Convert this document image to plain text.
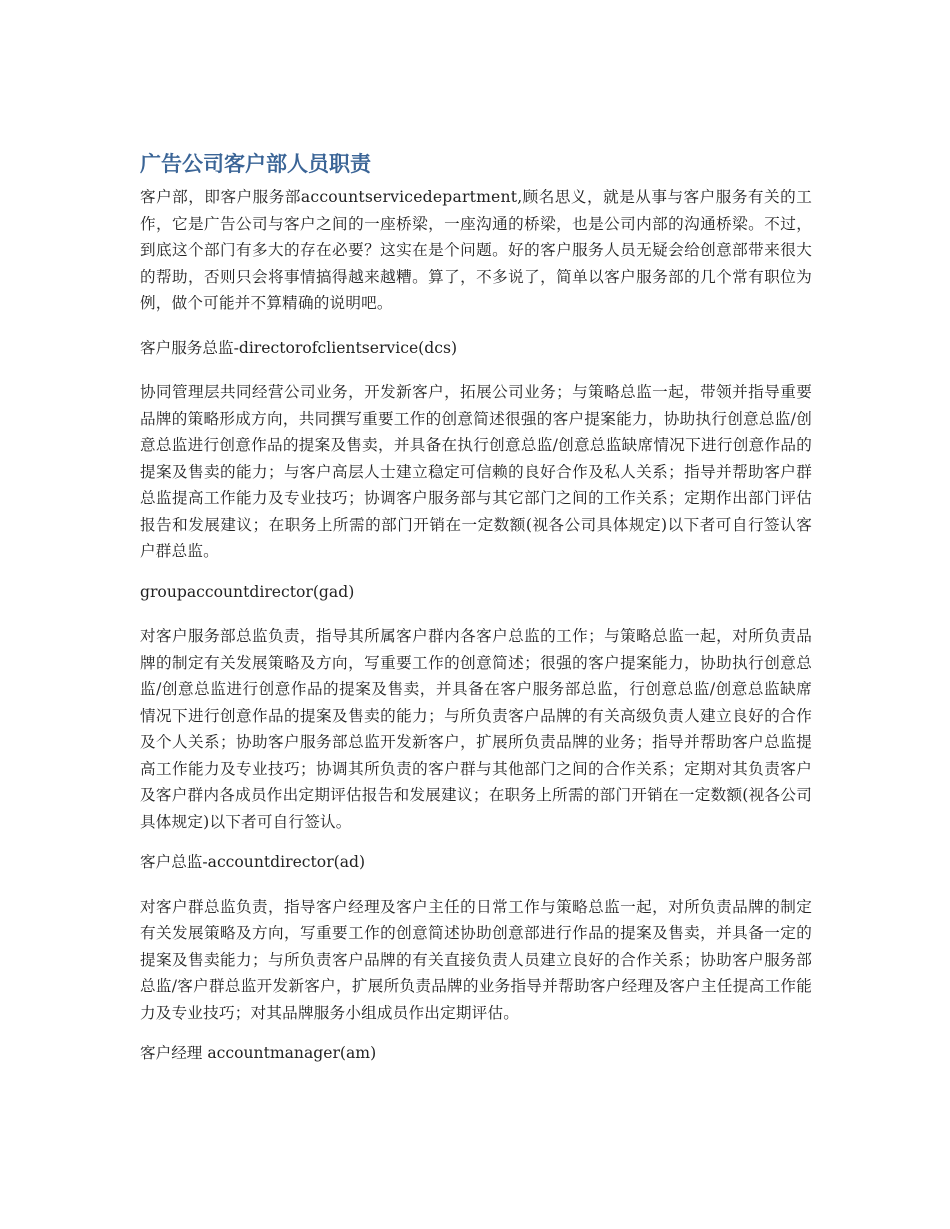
广告公司客户部人员职责

客户部，即客户服务部accountservicedepartment,顾名思义，就是从事与客户服务有关的工作，它是广告公司与客户之间的一座桥梁，一座沟通的桥梁，也是公司内部的沟通桥梁。不过，到底这个部门有多大的存在必要？这实在是个问题。好的客户服务人员无疑会给创意部带来很大的帮助，否则只会将事情搞得越来越糟。算了，不多说了，简单以客户服务部的几个常有职位为例，做个可能并不算精确的说明吧。

客户服务总监-directorofclientservice(dcs)

协同管理层共同经营公司业务，开发新客户，拓展公司业务；与策略总监一起，带领并指导重要品牌的策略形成方向，共同撰写重要工作的创意简述很强的客户提案能力，协助执行创意总监/创意总监进行创意作品的提案及售卖，并具备在执行创意总监/创意总监缺席情况下进行创意作品的提案及售卖的能力；与客户高层人士建立稳定可信赖的良好合作及私人关系；指导并帮助客户群总监提高工作能力及专业技巧；协调客户服务部与其它部门之间的工作关系；定期作出部门评估报告和发展建议；在职务上所需的部门开销在一定数额(视各公司具体规定)以下者可自行签认客户群总监。

groupaccountdirector(gad)

对客户服务部总监负责，指导其所属客户群内各客户总监的工作；与策略总监一起，对所负责品牌的制定有关发展策略及方向，写重要工作的创意简述；很强的客户提案能力，协助执行创意总监/创意总监进行创意作品的提案及售卖，并具备在客户服务部总监，行创意总监/创意总监缺席情况下进行创意作品的提案及售卖的能力；与所负责客户品牌的有关高级负责人建立良好的合作及个人关系；协助客户服务部总监开发新客户，扩展所负责品牌的业务；指导并帮助客户总监提高工作能力及专业技巧；协调其所负责的客户群与其他部门之间的合作关系；定期对其负责客户及客户群内各成员作出定期评估报告和发展建议；在职务上所需的部门开销在一定数额(视各公司具体规定)以下者可自行签认。

客户总监-accountdirector(ad)

对客户群总监负责，指导客户经理及客户主任的日常工作与策略总监一起，对所负责品牌的制定有关发展策略及方向，写重要工作的创意简述协助创意部进行作品的提案及售卖，并具备一定的提案及售卖能力；与所负责客户品牌的有关直接负责人员建立良好的合作关系；协助客户服务部总监/客户群总监开发新客户，扩展所负责品牌的业务指导并帮助客户经理及客户主任提高工作能力及专业技巧；对其品牌服务小组成员作出定期评估。

客户经理 accountmanager(am)
